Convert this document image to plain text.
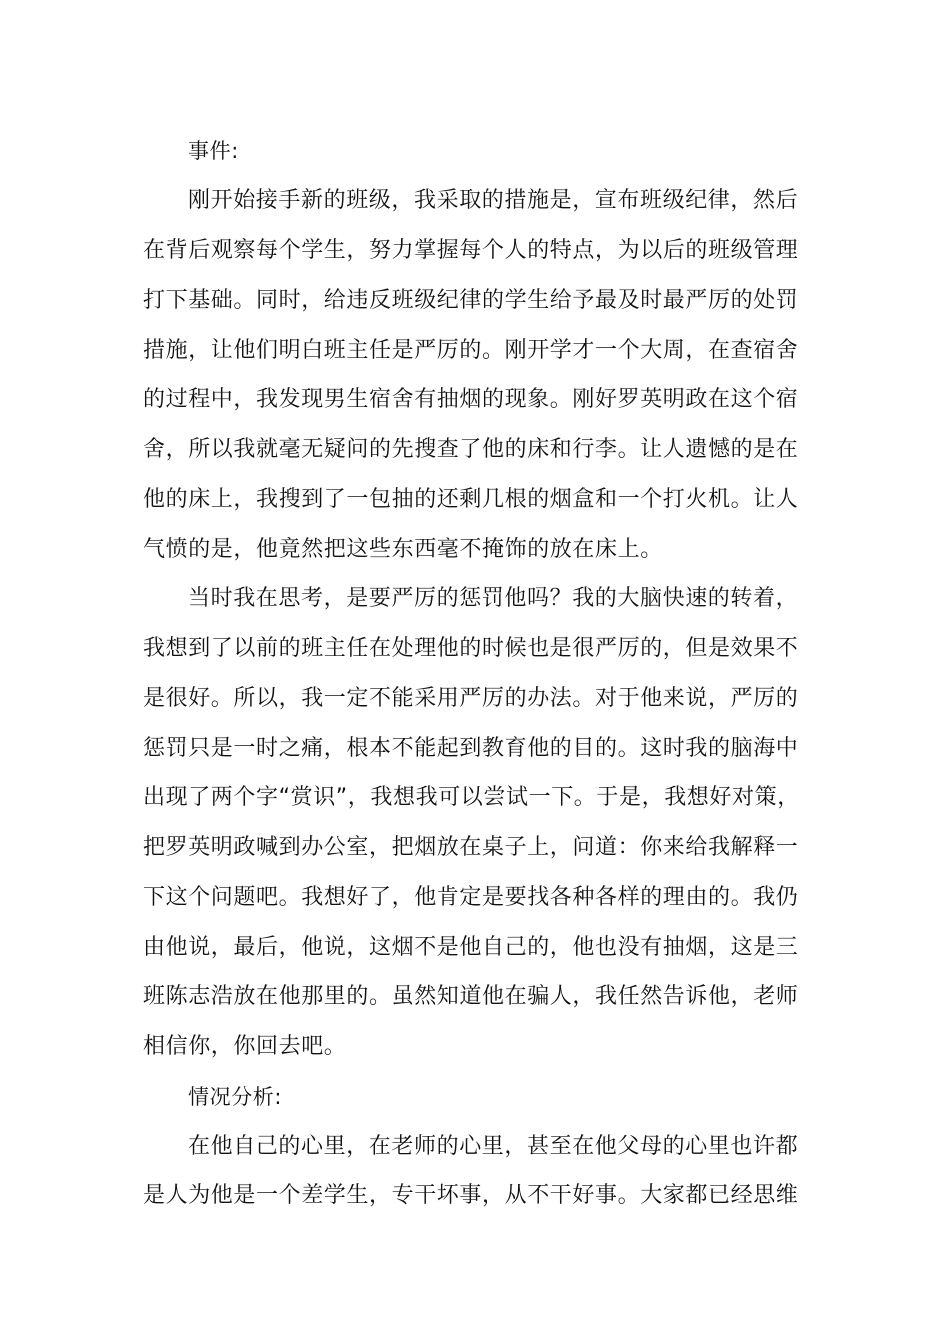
事件:
刚开始接手新的班级，我采取的措施是，宣布班级纪律，然后
在背后观察每个学生，努力掌握每个人的特点，为以后的班级管理
打下基础。同时，给违反班级纪律的学生给予最及时最严厉的处罚
措施，让他们明白班主任是严厉的。刚开学才一个大周，在查宿舍
的过程中，我发现男生宿舍有抽烟的现象。刚好罗英明政在这个宿
舍，所以我就毫无疑问的先搜查了他的床和行李。让人遗憾的是在
他的床上，我搜到了一包抽的还剩几根的烟盒和一个打火机。让人
气愤的是，他竟然把这些东西毫不掩饰的放在床上。
当时我在思考，是要严厉的惩罚他吗？我的大脑快速的转着，
我想到了以前的班主任在处理他的时候也是很严厉的，但是效果不
是很好。所以，我一定不能采用严厉的办法。对于他来说，严厉的
惩罚只是一时之痛，根本不能起到教育他的目的。这时我的脑海中
出现了两个字“赏识”，我想我可以尝试一下。于是，我想好对策，
把罗英明政喊到办公室，把烟放在桌子上，问道：你来给我解释一
下这个问题吧。我想好了，他肯定是要找各种各样的理由的。我仍
由他说，最后，他说，这烟不是他自己的，他也没有抽烟，这是三
班陈志浩放在他那里的。虽然知道他在骗人，我任然告诉他，老师
相信你，你回去吧。
情况分析:
在他自己的心里，在老师的心里，甚至在他父母的心里也许都
是人为他是一个差学生，专干坏事，从不干好事。大家都已经思维
